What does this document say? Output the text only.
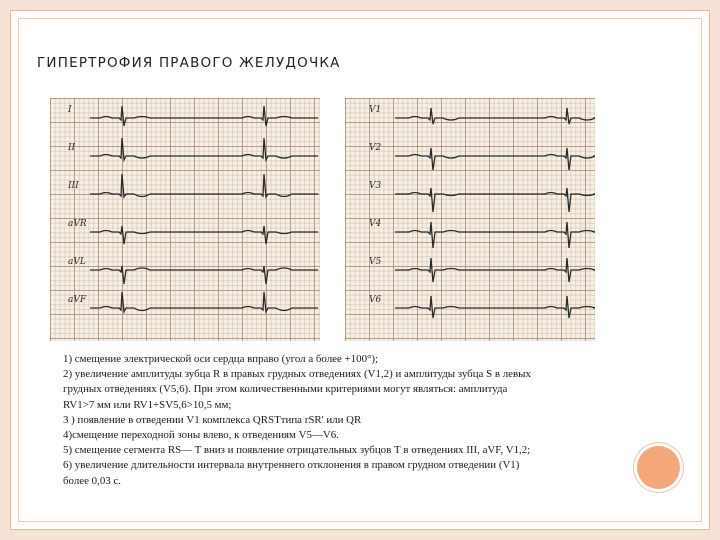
ГИПЕРТРОФИЯ ПРАВОГО ЖЕЛУДОЧКА
I
II
III
aVR
aVL
aVF
V1
V2
V3
V4
V5
V6

1) смещение электрической оси сердца вправо (угол а более +100°);

2) увеличение амплитуды зубца R в правых грудных отведениях (V1,2) и амплитуды зубца S в левых грудных отведениях (V5,6). При этом количественными критериями могут являться: амплитуда RV1>7 мм или RV1+SV5,6>10,5 мм;

3 ) появление в отведении V1 комплекса QRSTтипа rSR' или QR

4)смещение переходной зоны влево, к отведениям V5—V6.

5) смещение сегмента RS— T вниз и появление отрицательных зубцов Т в отведениях III, aVF, V1,2;

6) увеличение длительности интервала внутреннего отклонения в правом грудном отведении (V1) более 0,03 с.
